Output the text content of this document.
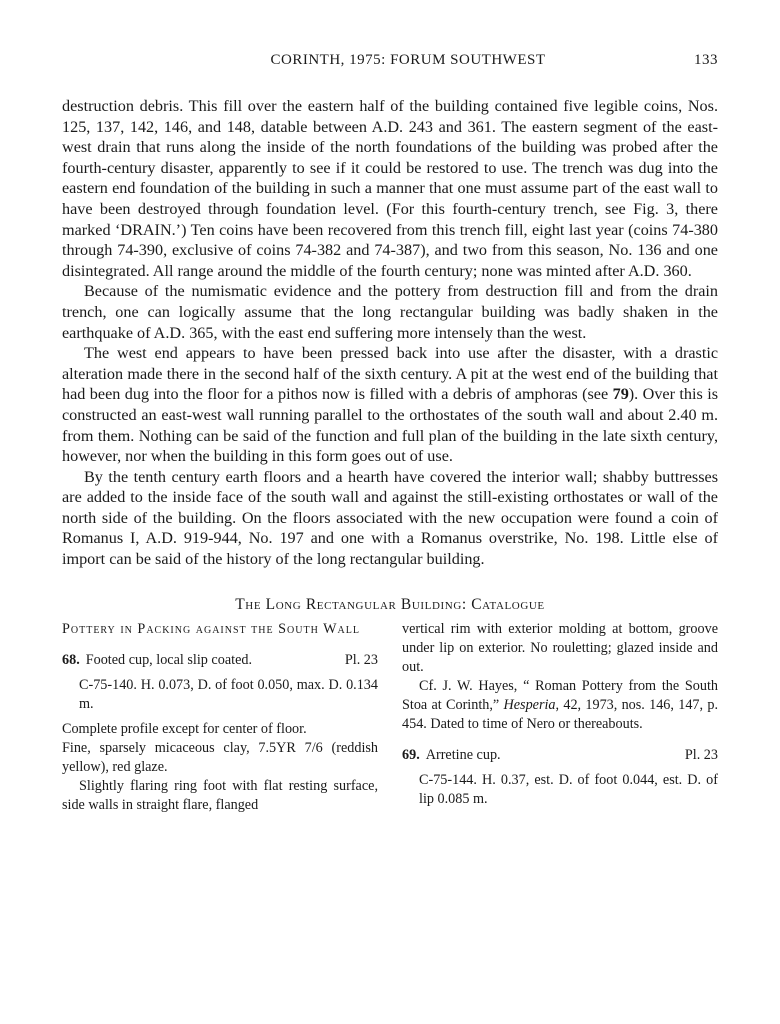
CORINTH, 1975: FORUM SOUTHWEST	133

destruction debris. This fill over the eastern half of the building contained five legible coins, Nos. 125, 137, 142, 146, and 148, datable between A.D. 243 and 361. The eastern segment of the east-west drain that runs along the inside of the north foundations of the building was probed after the fourth-century disaster, apparently to see if it could be restored to use. The trench was dug into the eastern end foundation of the building in such a manner that one must assume part of the east wall to have been destroyed through foundation level. (For this fourth-century trench, see Fig. 3, there marked ‘DRAIN.’) Ten coins have been recovered from this trench fill, eight last year (coins 74-380 through 74-390, exclusive of coins 74-382 and 74-387), and two from this season, No. 136 and one disintegrated. All range around the middle of the fourth century; none was minted after A.D. 360.

Because of the numismatic evidence and the pottery from destruction fill and from the drain trench, one can logically assume that the long rectangular building was badly shaken in the earthquake of A.D. 365, with the east end suffering more intensely than the west.

The west end appears to have been pressed back into use after the disaster, with a drastic alteration made there in the second half of the sixth century. A pit at the west end of the building that had been dug into the floor for a pithos now is filled with a debris of amphoras (see 79). Over this is constructed an east-west wall running parallel to the orthostates of the south wall and about 2.40 m. from them. Nothing can be said of the function and full plan of the building in the late sixth century, however, nor when the building in this form goes out of use.

By the tenth century earth floors and a hearth have covered the interior wall; shabby buttresses are added to the inside face of the south wall and against the still-existing orthostates or wall of the north side of the building. On the floors associated with the new occupation were found a coin of Romanus I, A.D. 919-944, No. 197 and one with a Romanus overstrike, No. 198. Little else of import can be said of the history of the long rectangular building.

The Long Rectangular Building: Catalogue

Pottery in Packing against the South Wall

68. Footed cup, local slip coated.	Pl. 23

C-75-140. H. 0.073, D. of foot 0.050, max. D. 0.134 m.

Complete profile except for center of floor.

Fine, sparsely micaceous clay, 7.5YR 7/6 (reddish yellow), red glaze.

Slightly flaring ring foot with flat resting surface, side walls in straight flare, flanged

vertical rim with exterior molding at bottom, groove under lip on exterior. No rouletting; glazed inside and out.

Cf. J. W. Hayes, “ Roman Pottery from the South Stoa at Corinth,” Hesperia, 42, 1973, nos. 146, 147, p. 454. Dated to time of Nero or thereabouts.

69. Arretine cup.	Pl. 23

C-75-144. H. 0.37, est. D. of foot 0.044, est. D. of lip 0.085 m.
